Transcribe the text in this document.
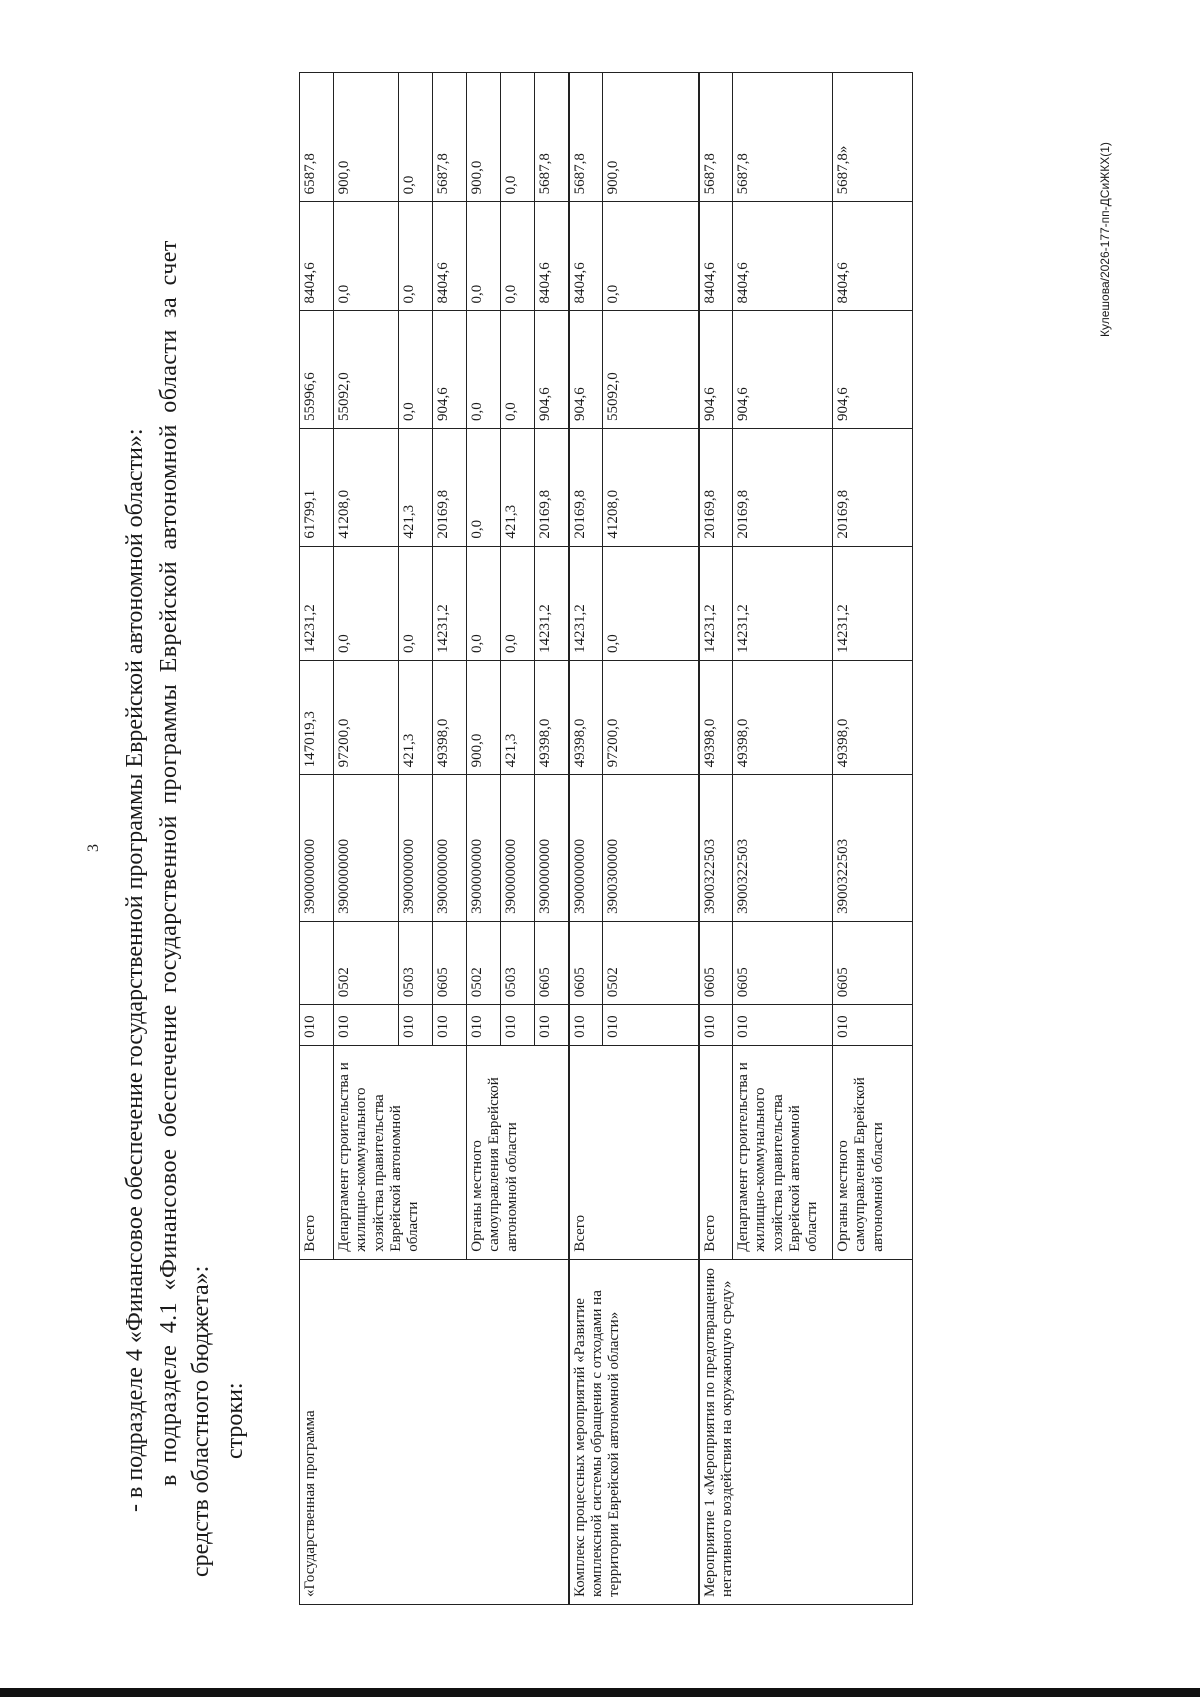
3 - в подразделе 4 «Финансовое обеспечение государственной программы Еврейской автономной области»: в подразделе 4.1 «Финансовое обеспечение государственной программы Еврейской автономной области за счет средств областного бюджета»: строки:	«Государственная программа	Всего	010		3900000000	147019,3	14231,2	61799,1	55996,6	8404,6	6587,8
	Департамент строительства и жилищно-коммунального хозяйства правительства Еврейской автономной области	010	0502	3900000000	97200,0	0,0	41208,0	55092,0	0,0	900,0
		010	0503	3900000000	421,3	0,0	421,3	0,0	0,0	0,0
		010	0605	3900000000	49398,0	14231,2	20169,8	904,6	8404,6	5687,8
	Органы местного самоуправления Еврейской автономной области	010	0502	3900000000	900,0	0,0	0,0	0,0	0,0	900,0
		010	0503	3900000000	421,3	0,0	421,3	0,0	0,0	0,0
		010	0605	3900000000	49398,0	14231,2	20169,8	904,6	8404,6	5687,8
Комплекс процессных мероприятий «Развитие комплексной системы обращения с отходами на территории Еврейской автономной области»	Всего	010	0605	3900000000	49398,0	14231,2	20169,8	904,6	8404,6	5687,8
		010	0502	3900300000	97200,0	0,0	41208,0	55092,0	0,0	900,0
Мероприятие 1 «Мероприятия по предотвращению негативного воздействия на окружающую среду»	Всего	010	0605	3900322503	49398,0	14231,2	20169,8	904,6	8404,6	5687,8
	Департамент строительства и жилищно-коммунального хозяйства правительства Еврейской автономной области	010	0605	3900322503	49398,0	14231,2	20169,8	904,6	8404,6	5687,8
	Органы местного самоуправления Еврейской автономной области	010	0605	3900322503	49398,0	14231,2	20169,8	904,6	8404,6	5687,8»	Кулешова/2026-177-пп-ДСиЖКХ(1)
